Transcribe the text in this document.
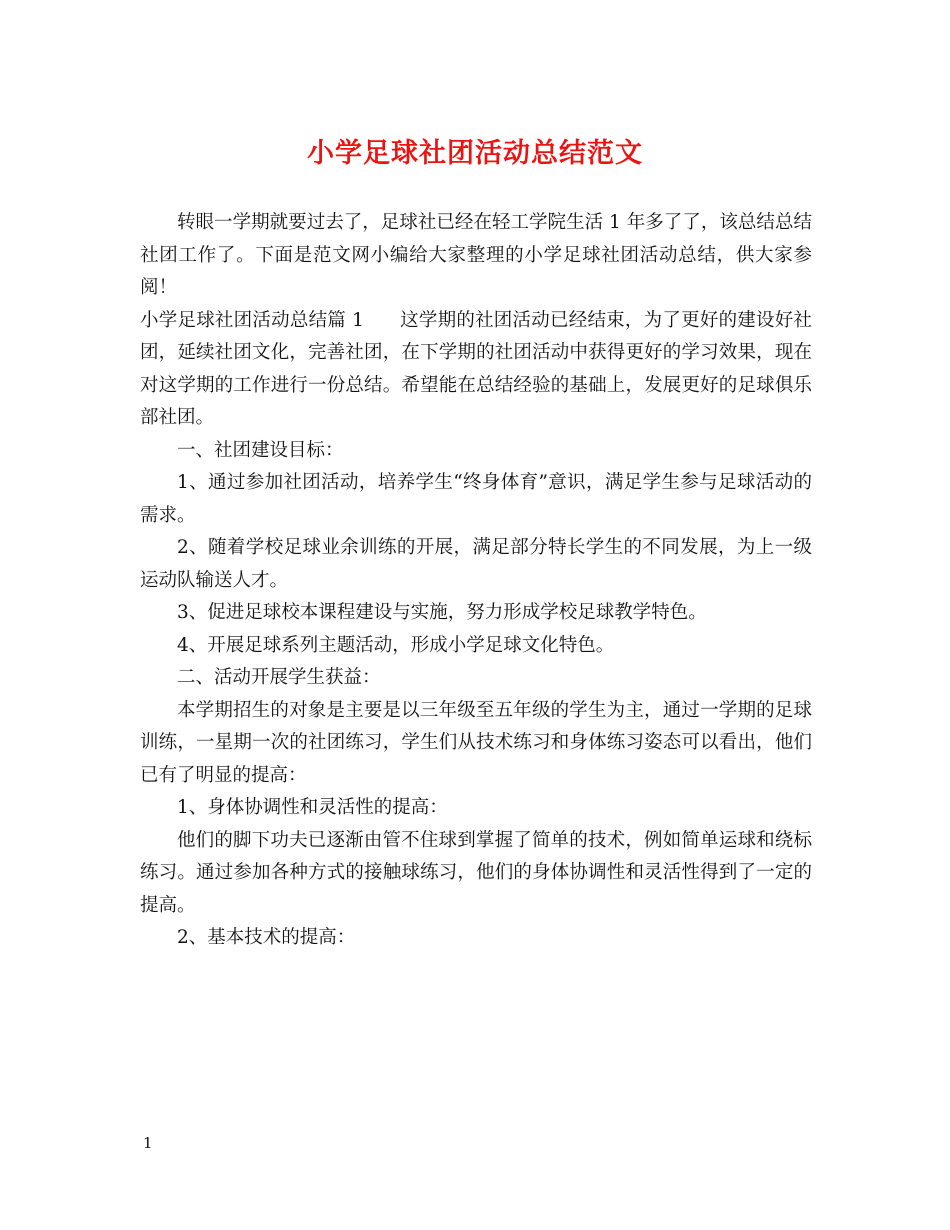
小学足球社团活动总结范文

转眼一学期就要过去了，足球社已经在轻工学院生活 1 年多了了，该总结总结社团工作了。下面是范文网小编给大家整理的小学足球社团活动总结，供大家参阅！

小学足球社团活动总结篇 1 这学期的社团活动已经结束，为了更好的建设好社团，延续社团文化，完善社团，在下学期的社团活动中获得更好的学习效果，现在对这学期的工作进行一份总结。希望能在总结经验的基础上，发展更好的足球俱乐部社团。

一、社团建设目标：

1、通过参加社团活动，培养学生“终身体育”意识，满足学生参与足球活动的需求。

2、随着学校足球业余训练的开展，满足部分特长学生的不同发展，为上一级运动队输送人才。

3、促进足球校本课程建设与实施，努力形成学校足球教学特色。

4、开展足球系列主题活动，形成小学足球文化特色。

二、活动开展学生获益：

本学期招生的对象是主要是以三年级至五年级的学生为主，通过一学期的足球训练，一星期一次的社团练习，学生们从技术练习和身体练习姿态可以看出，他们已有了明显的提高：

1、身体协调性和灵活性的提高：

他们的脚下功夫已逐渐由管不住球到掌握了简单的技术，例如简单运球和绕标练习。通过参加各种方式的接触球练习，他们的身体协调性和灵活性得到了一定的提高。

2、基本技术的提高：

1
